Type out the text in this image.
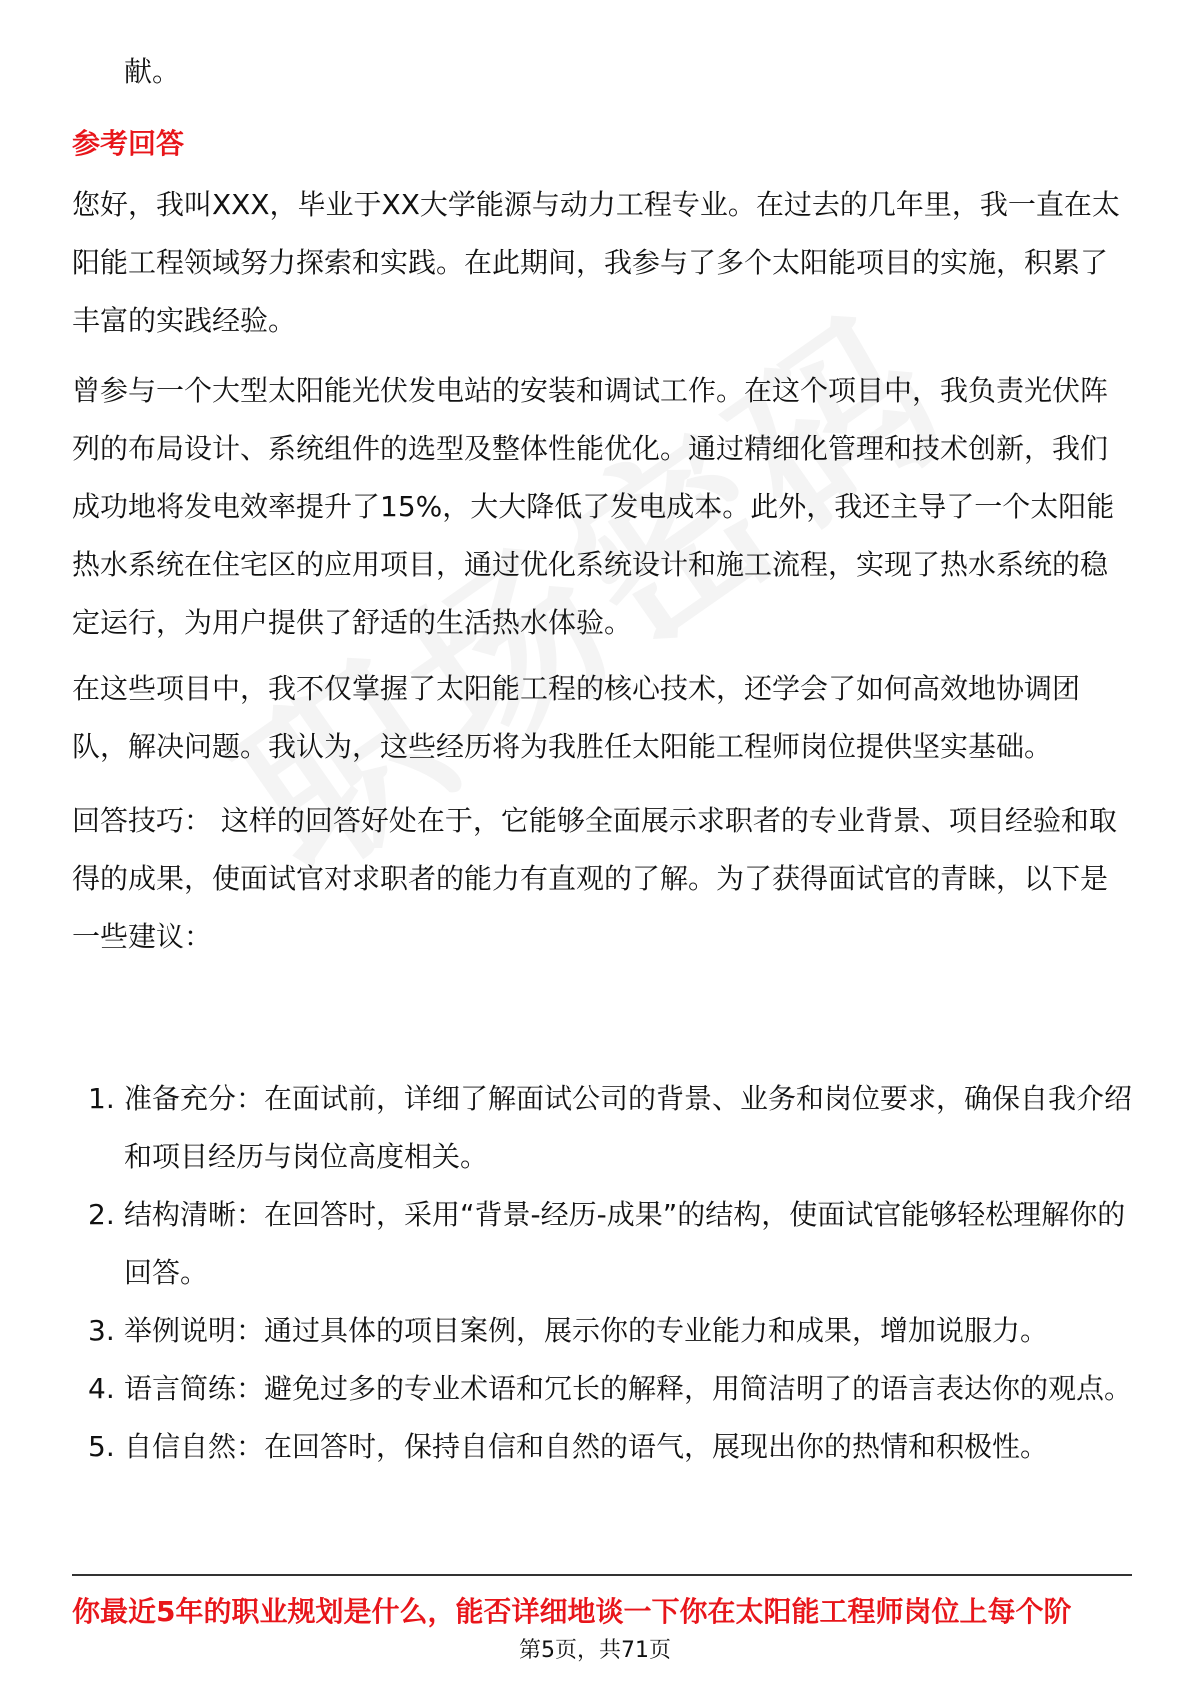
献。
参考回答

您好，我叫XXX，毕业于XX大学能源与动力工程专业。在过去的几年里，我一直在太阳能工程领域努力探索和实践。在此期间，我参与了多个太阳能项目的实施，积累了丰富的实践经验。

曾参与一个大型太阳能光伏发电站的安装和调试工作。在这个项目中，我负责光伏阵列的布局设计、系统组件的选型及整体性能优化。通过精细化管理和技术创新，我们成功地将发电效率提升了15%，大大降低了发电成本。此外，我还主导了一个太阳能热水系统在住宅区的应用项目，通过优化系统设计和施工流程，实现了热水系统的稳定运行，为用户提供了舒适的生活热水体验。

在这些项目中，我不仅掌握了太阳能工程的核心技术，还学会了如何高效地协调团队，解决问题。我认为，这些经历将为我胜任太阳能工程师岗位提供坚实基础。

回答技巧： 这样的回答好处在于，它能够全面展示求职者的专业背景、项目经验和取得的成果，使面试官对求职者的能力有直观的了解。为了获得面试官的青睐，以下是一些建议：

1. 准备充分：在面试前，详细了解面试公司的背景、业务和岗位要求，确保自我介绍和项目经历与岗位高度相关。
2. 结构清晰：在回答时，采用“背景-经历-成果”的结构，使面试官能够轻松理解你的回答。
3. 举例说明：通过具体的项目案例，展示你的专业能力和成果，增加说服力。
4. 语言简练：避免过多的专业术语和冗长的解释，用简洁明了的语言表达你的观点。
5. 自信自然：在回答时，保持自信和自然的语气，展现出你的热情和积极性。
你最近5年的职业规划是什么，能否详细地谈一下你在太阳能工程师岗位上每个阶
第5页，共71页
